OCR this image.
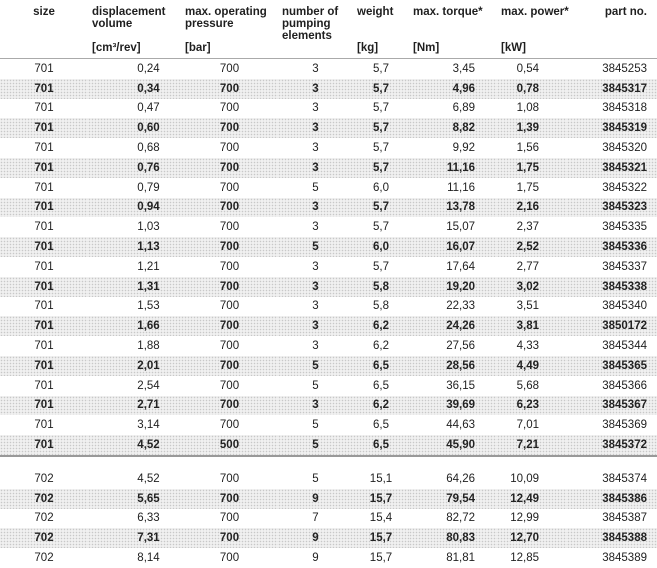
size	displacement volume	max. operating pressure	number of pumping elements	weight	max. torque*	max. power*	part no.
	[cm³/rev]	[bar]		[kg]	[Nm]	[kW]	

701	0,24	700	3	5,7	3,45	0,54	3845253
701	0,34	700	3	5,7	4,96	0,78	3845317
701	0,47	700	3	5,7	6,89	1,08	3845318
701	0,60	700	3	5,7	8,82	1,39	3845319
701	0,68	700	3	5,7	9,92	1,56	3845320
701	0,76	700	3	5,7	11,16	1,75	3845321
701	0,79	700	5	6,0	11,16	1,75	3845322
701	0,94	700	3	5,7	13,78	2,16	3845323
701	1,03	700	3	5,7	15,07	2,37	3845335
701	1,13	700	5	6,0	16,07	2,52	3845336
701	1,21	700	3	5,7	17,64	2,77	3845337
701	1,31	700	3	5,8	19,20	3,02	3845338
701	1,53	700	3	5,8	22,33	3,51	3845340
701	1,66	700	3	6,2	24,26	3,81	3850172
701	1,88	700	3	6,2	27,56	4,33	3845344
701	2,01	700	5	6,5	28,56	4,49	3845365
701	2,54	700	5	6,5	36,15	5,68	3845366
701	2,71	700	3	6,2	39,69	6,23	3845367
701	3,14	700	5	6,5	44,63	7,01	3845369
701	4,52	500	5	6,5	45,90	7,21	3845372

702	4,52	700	5	15,1	64,26	10,09	3845374
702	5,65	700	9	15,7	79,54	12,49	3845386
702	6,33	700	7	15,4	82,72	12,99	3845387
702	7,31	700	9	15,7	80,83	12,70	3845388
702	8,14	700	9	15,7	81,81	12,85	3845389
